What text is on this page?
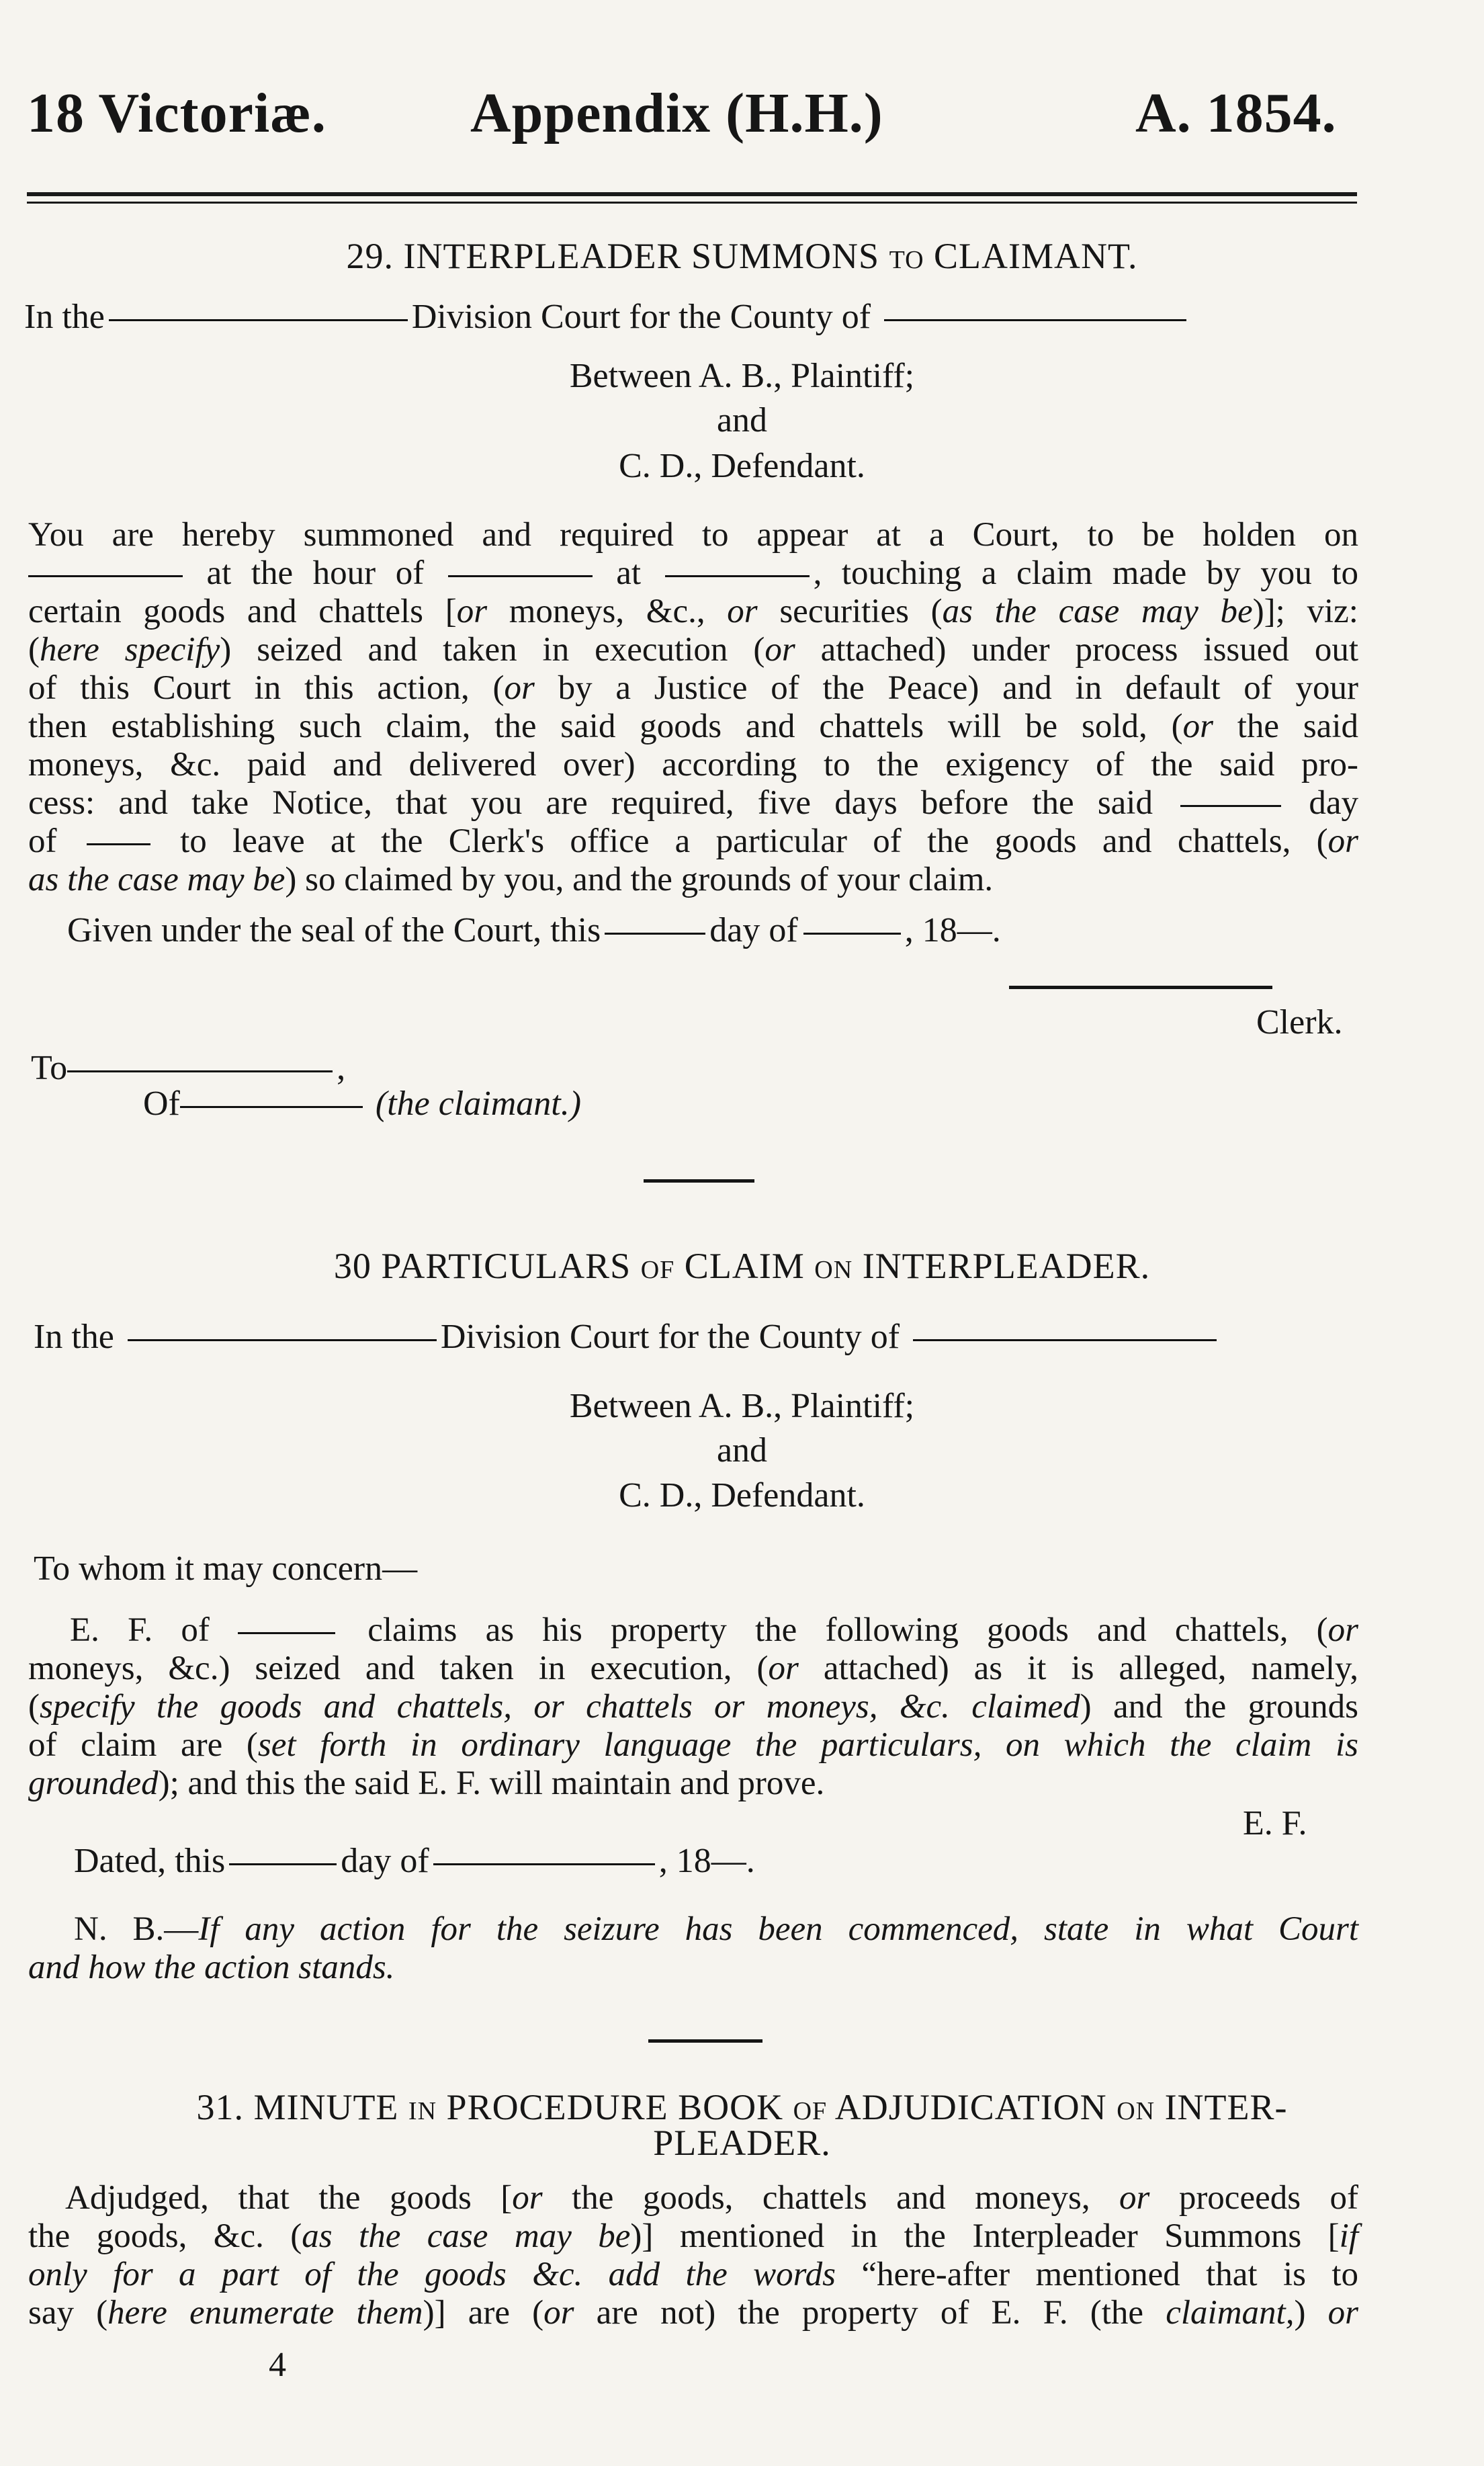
18 Victoriæ.	Appendix (H.H.)	A. 1854.
29. INTERPLEADER SUMMONS TO CLAIMANT.
In the	Division Court for the County of
Between A. B., Plaintiff;
and
C. D., Defendant.
You are hereby summoned and required to appear at a Court, to be holden on
at the hour of	at	, touching a claim made by you to
certain goods and chattels [or moneys, &c., or securities (as the case may be)]; viz:
(here specify) seized and taken in execution (or attached) under process issued out
of this Court in this action, (or by a Justice of the Peace) and in default of your
then establishing such claim, the said goods and chattels will be sold, (or the said
moneys, &c. paid and delivered over) according to the exigency of the said pro-
cess: and take Notice, that you are required, five days before the said	day
of  to leave at the Clerk's office a particular of the goods and chattels, (or
as the case may be) so claimed by you, and the grounds of your claim.
Given under the seal of the Court, this	day of	, 18—.
Clerk.
To	,
Of	(the claimant.)
30 PARTICULARS OF CLAIM ON INTERPLEADER.
In the	Division Court for the County of
Between A. B., Plaintiff;
and
C. D., Defendant.
To whom it may concern—
E. F. of	claims as his property the following goods and chattels, (or
moneys, &c.) seized and taken in execution, (or attached) as it is alleged, namely,
(specify the goods and chattels, or chattels or moneys, &c. claimed) and the grounds
of claim are (set forth in ordinary language the particulars, on which the claim is
grounded); and this the said E. F. will maintain and prove.
E. F.
Dated, this	day of	, 18—.
N. B.—If any action for the seizure has been commenced, state in what Court
and how the action stands.
31. MINUTE IN PROCEDURE BOOK OF ADJUDICATION ON INTER-
PLEADER.
Adjudged, that the goods [or the goods, chattels and moneys, or proceeds of
the goods, &c. (as the case may be)] mentioned in the Interpleader Summons [if
only for a part of the goods &c. add the words “here-after mentioned that is to
say (here enumerate them)] are (or are not) the property of E. F. (the claimant,) or
4
